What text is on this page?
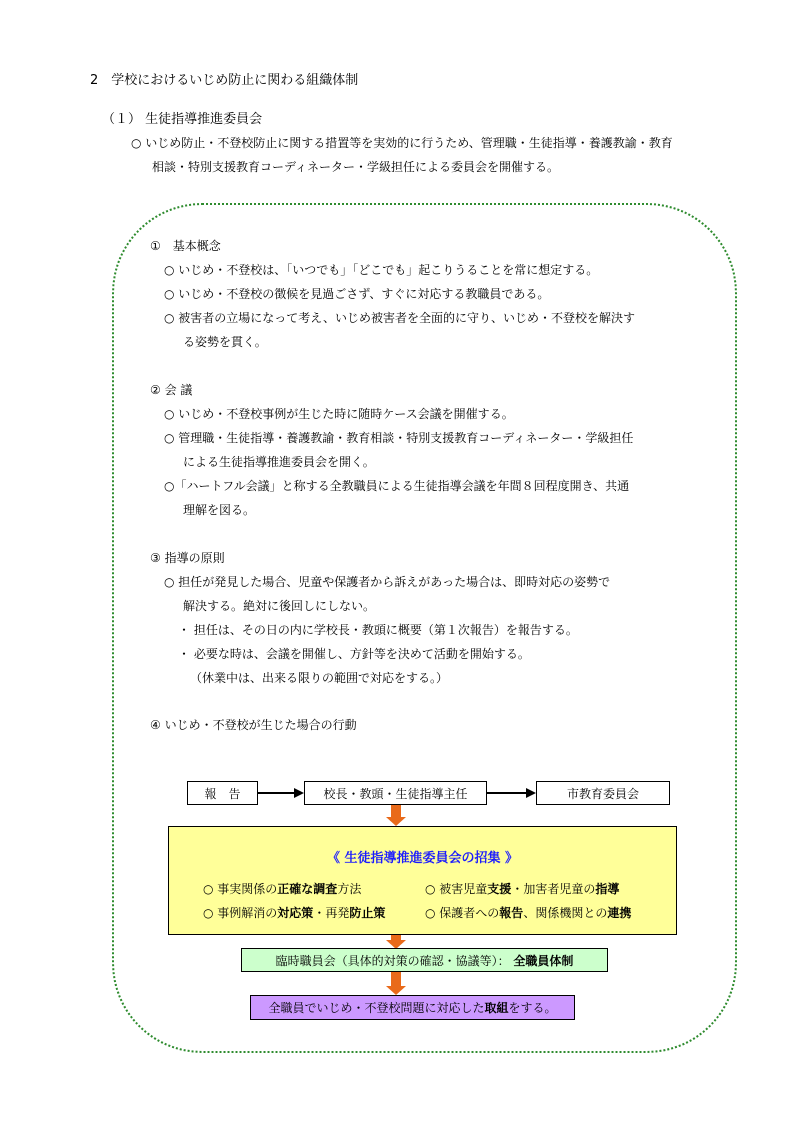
2　学校におけるいじめ防止に関わる組織体制
（１） 生徒指導推進委員会
○ いじめ防止・不登校防止に関する措置等を実効的に行うため、管理職・生徒指導・養護教諭・教育
相談・特別支援教育コーディネーター・学級担任による委員会を開催する。
①　基本概念
○ いじめ・不登校は、「いつでも」「どこでも」起こりうることを常に想定する。
○ いじめ・不登校の徴候を見過ごさず、すぐに対応する教職員である。
○ 被害者の立場になって考え、いじめ被害者を全面的に守り、いじめ・不登校を解決す
る姿勢を貫く。
② 会 議
○ いじめ・不登校事例が生じた時に随時ケース会議を開催する。
○ 管理職・生徒指導・養護教諭・教育相談・特別支援教育コーディネーター・学級担任
による生徒指導推進委員会を開く。
○「ハートフル会議」と称する全教職員による生徒指導会議を年間８回程度開き、共通
理解を図る。
③ 指導の原則
○ 担任が発見した場合、児童や保護者から訴えがあった場合は、即時対応の姿勢で
解決する。絶対に後回しにしない。
・ 担任は、その日の内に学校長・教頭に概要（第１次報告）を報告する。
・ 必要な時は、会議を開催し、方針等を決めて活動を開始する。
（休業中は、出来る限りの範囲で対応をする。）
④ いじめ・不登校が生じた場合の行動
報　告	校長・教頭・生徒指導主任	市教育委員会
《 生徒指導推進委員会の招集 》
○ 事実関係の正確な調査方法	○ 被害児童支援・加害者児童の指導
○ 事例解消の対応策・再発防止策	○ 保護者への報告、関係機関との連携
臨時職員会（具体的対策の確認・協議等）：
全職員体制
全職員でいじめ・不登校問題に対応した 取組 をする。
